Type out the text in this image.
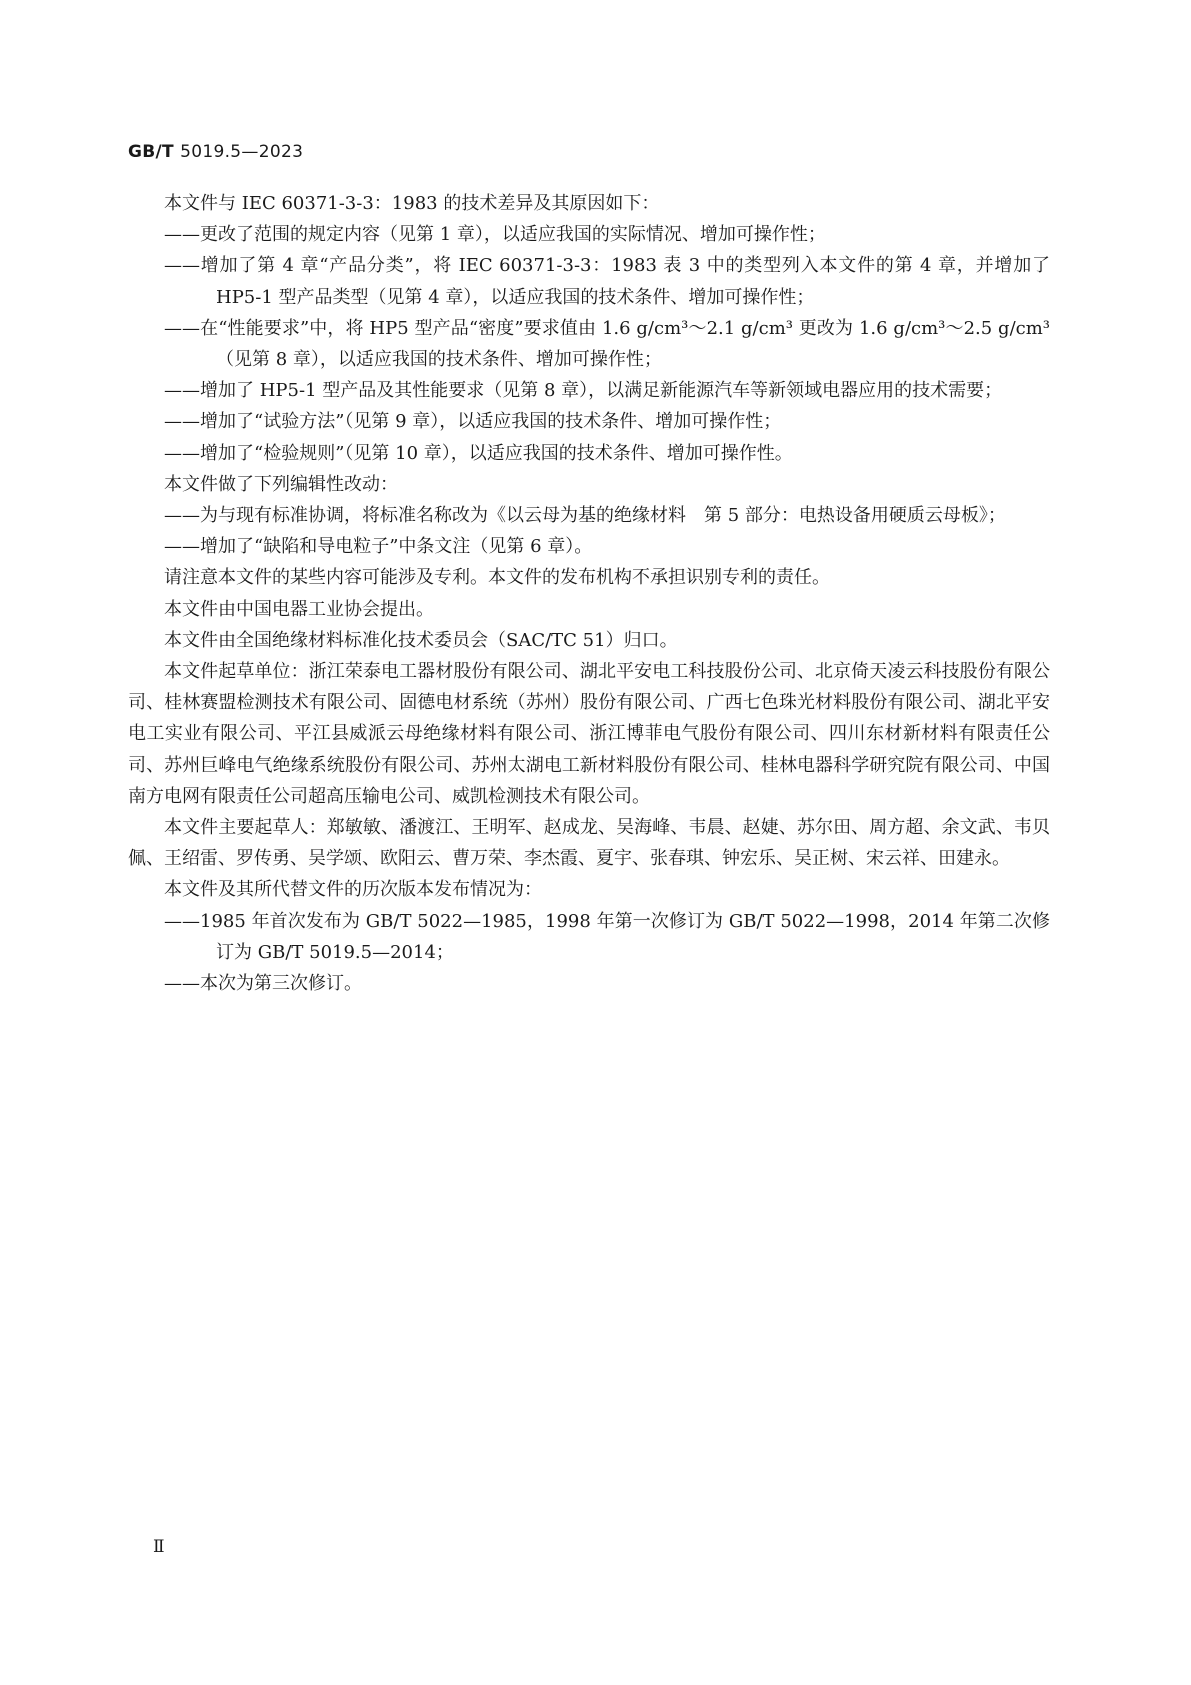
GB/T 5019.5—2023

本文件与 IEC 60371-3-3：1983 的技术差异及其原因如下：

——更改了范围的规定内容（见第 1 章），以适应我国的实际情况、增加可操作性；

——增加了第 4 章“产品分类”，将 IEC 60371-3-3：1983 表 3 中的类型列入本文件的第 4 章，并增加了 HP5-1 型产品类型（见第 4 章），以适应我国的技术条件、增加可操作性；

——在“性能要求”中，将 HP5 型产品“密度”要求值由 1.6 g/cm³～2.1 g/cm³ 更改为 1.6 g/cm³～2.5 g/cm³（见第 8 章），以适应我国的技术条件、增加可操作性；

——增加了 HP5-1 型产品及其性能要求（见第 8 章），以满足新能源汽车等新领域电器应用的技术需要；

——增加了“试验方法”（见第 9 章），以适应我国的技术条件、增加可操作性；

——增加了“检验规则”（见第 10 章），以适应我国的技术条件、增加可操作性。

本文件做了下列编辑性改动：

——为与现有标准协调，将标准名称改为《以云母为基的绝缘材料　第 5 部分：电热设备用硬质云母板》；

——增加了“缺陷和导电粒子”中条文注（见第 6 章）。

请注意本文件的某些内容可能涉及专利。本文件的发布机构不承担识别专利的责任。

本文件由中国电器工业协会提出。

本文件由全国绝缘材料标准化技术委员会（SAC/TC 51）归口。

本文件起草单位：浙江荣泰电工器材股份有限公司、湖北平安电工科技股份公司、北京倚天凌云科技股份有限公司、桂林赛盟检测技术有限公司、固德电材系统（苏州）股份有限公司、广西七色珠光材料股份有限公司、湖北平安电工实业有限公司、平江县威派云母绝缘材料有限公司、浙江博菲电气股份有限公司、四川东材新材料有限责任公司、苏州巨峰电气绝缘系统股份有限公司、苏州太湖电工新材料股份有限公司、桂林电器科学研究院有限公司、中国南方电网有限责任公司超高压输电公司、威凯检测技术有限公司。

本文件主要起草人：郑敏敏、潘渡江、王明军、赵成龙、吴海峰、韦晨、赵婕、苏尔田、周方超、余文武、韦贝佩、王绍雷、罗传勇、吴学颂、欧阳云、曹万荣、李杰霞、夏宇、张春琪、钟宏乐、吴正树、宋云祥、田建永。

本文件及其所代替文件的历次版本发布情况为：

——1985 年首次发布为 GB/T 5022—1985，1998 年第一次修订为 GB/T 5022—1998，2014 年第二次修订为 GB/T 5019.5—2014；

——本次为第三次修订。

Ⅱ
